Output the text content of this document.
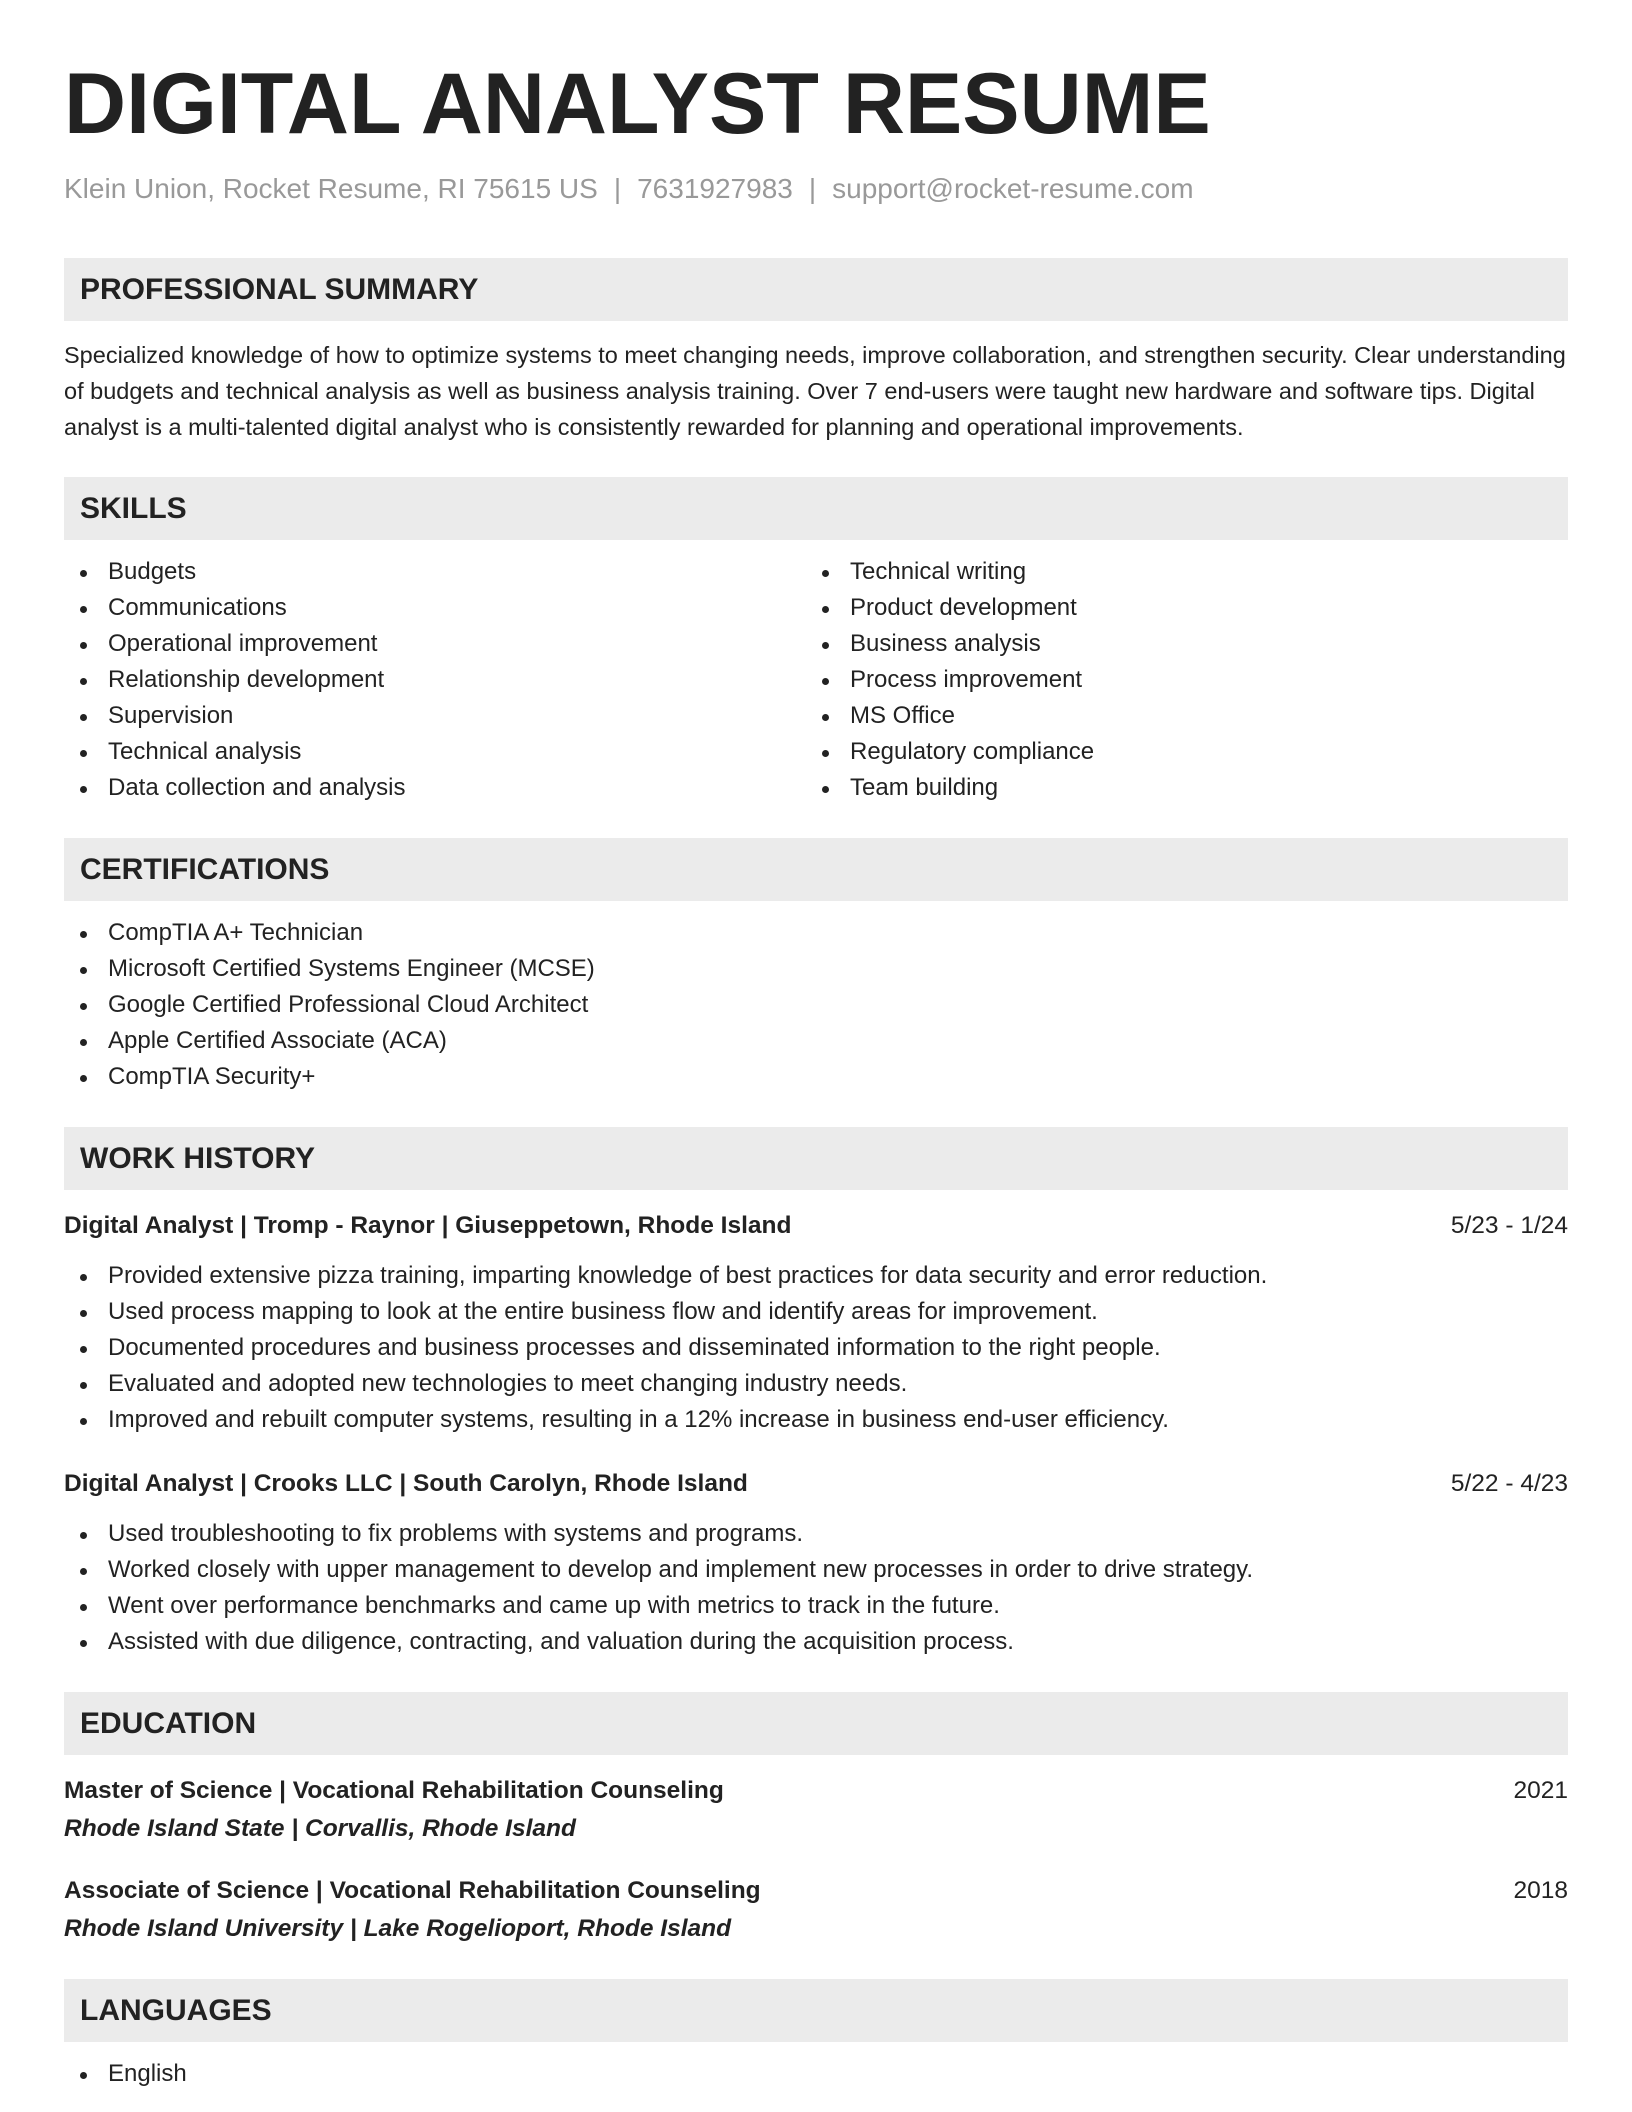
DIGITAL ANALYST RESUME
Klein Union, Rocket Resume, RI 75615 US | 7631927983 | support@rocket-resume.com
PROFESSIONAL SUMMARY

Specialized knowledge of how to optimize systems to meet changing needs, improve collaboration, and strengthen security. Clear understanding of budgets and technical analysis as well as business analysis training. Over 7 end-users were taught new hardware and software tips. Digital analyst is a multi-talented digital analyst who is consistently rewarded for planning and operational improvements.

SKILLS
Budgets
Communications
Operational improvement
Relationship development
Supervision
Technical analysis
Data collection and analysis
Technical writing
Product development
Business analysis
Process improvement
MS Office
Regulatory compliance
Team building
CERTIFICATIONS
CompTIA A+ Technician
Microsoft Certified Systems Engineer (MCSE)
Google Certified Professional Cloud Architect
Apple Certified Associate (ACA)
CompTIA Security+
WORK HISTORY
Digital Analyst | Tromp - Raynor | Giuseppetown, Rhode Island	5/23 - 1/24
Provided extensive pizza training, imparting knowledge of best practices for data security and error reduction.
Used process mapping to look at the entire business flow and identify areas for improvement.
Documented procedures and business processes and disseminated information to the right people.
Evaluated and adopted new technologies to meet changing industry needs.
Improved and rebuilt computer systems, resulting in a 12% increase in business end-user efficiency.
Digital Analyst | Crooks LLC | South Carolyn, Rhode Island	5/22 - 4/23
Used troubleshooting to fix problems with systems and programs.
Worked closely with upper management to develop and implement new processes in order to drive strategy.
Went over performance benchmarks and came up with metrics to track in the future.
Assisted with due diligence, contracting, and valuation during the acquisition process.
EDUCATION
Master of Science | Vocational Rehabilitation Counseling	2021
Rhode Island State | Corvallis, Rhode Island
Associate of Science | Vocational Rehabilitation Counseling	2018
Rhode Island University | Lake Rogelioport, Rhode Island
LANGUAGES
English
